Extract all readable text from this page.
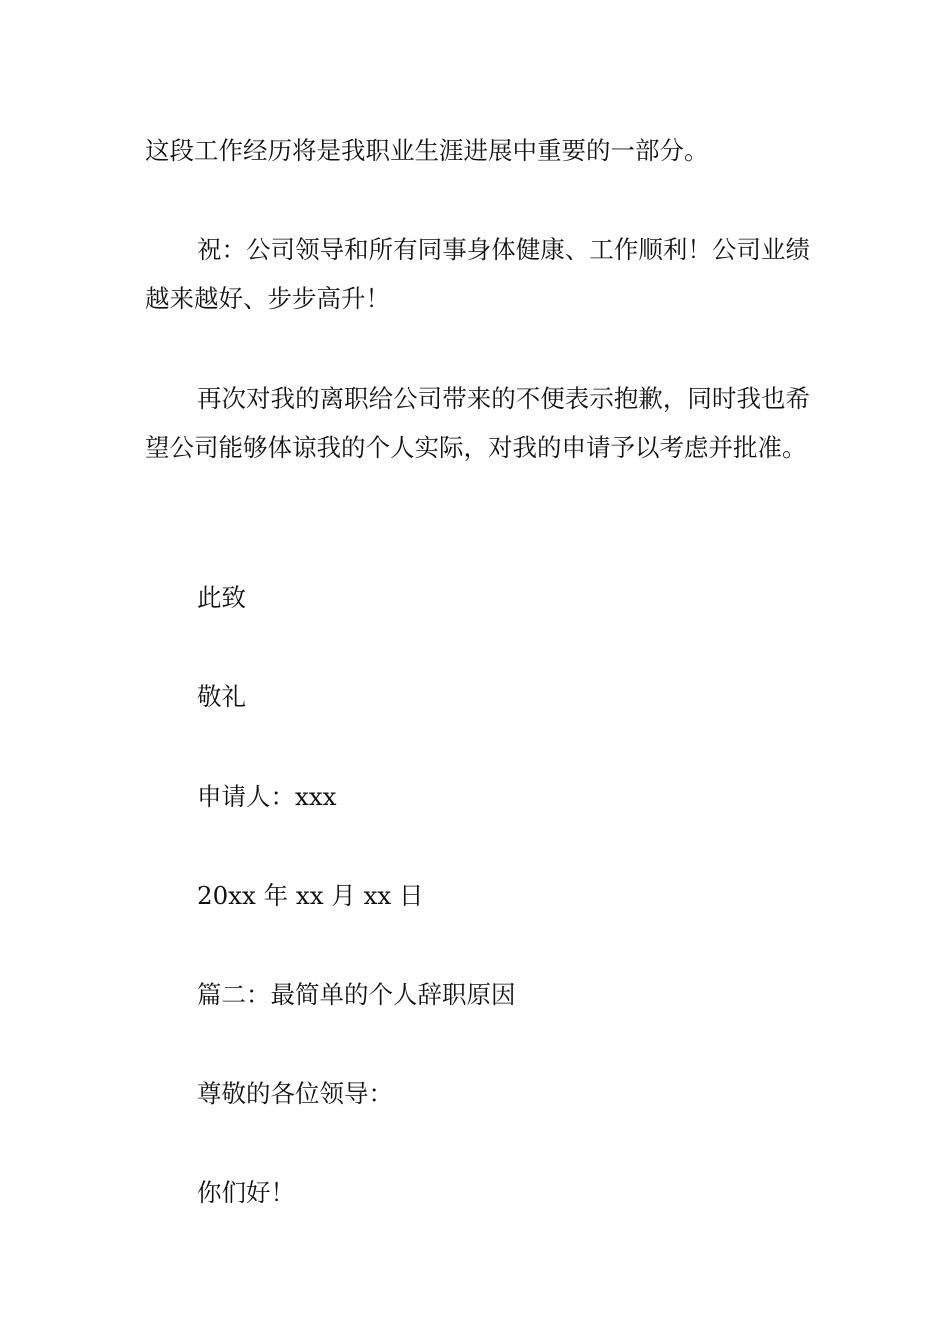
这段工作经历将是我职业生涯进展中重要的一部分。

祝：公司领导和所有同事身体健康、工作顺利！公司业绩越来越好、步步高升！

再次对我的离职给公司带来的不便表示抱歉，同时我也希望公司能够体谅我的个人实际，对我的申请予以考虑并批准。

此致

敬礼

申请人：xxx

20xx 年 xx 月 xx 日

篇二：最简单的个人辞职原因

尊敬的各位领导：

你们好！
